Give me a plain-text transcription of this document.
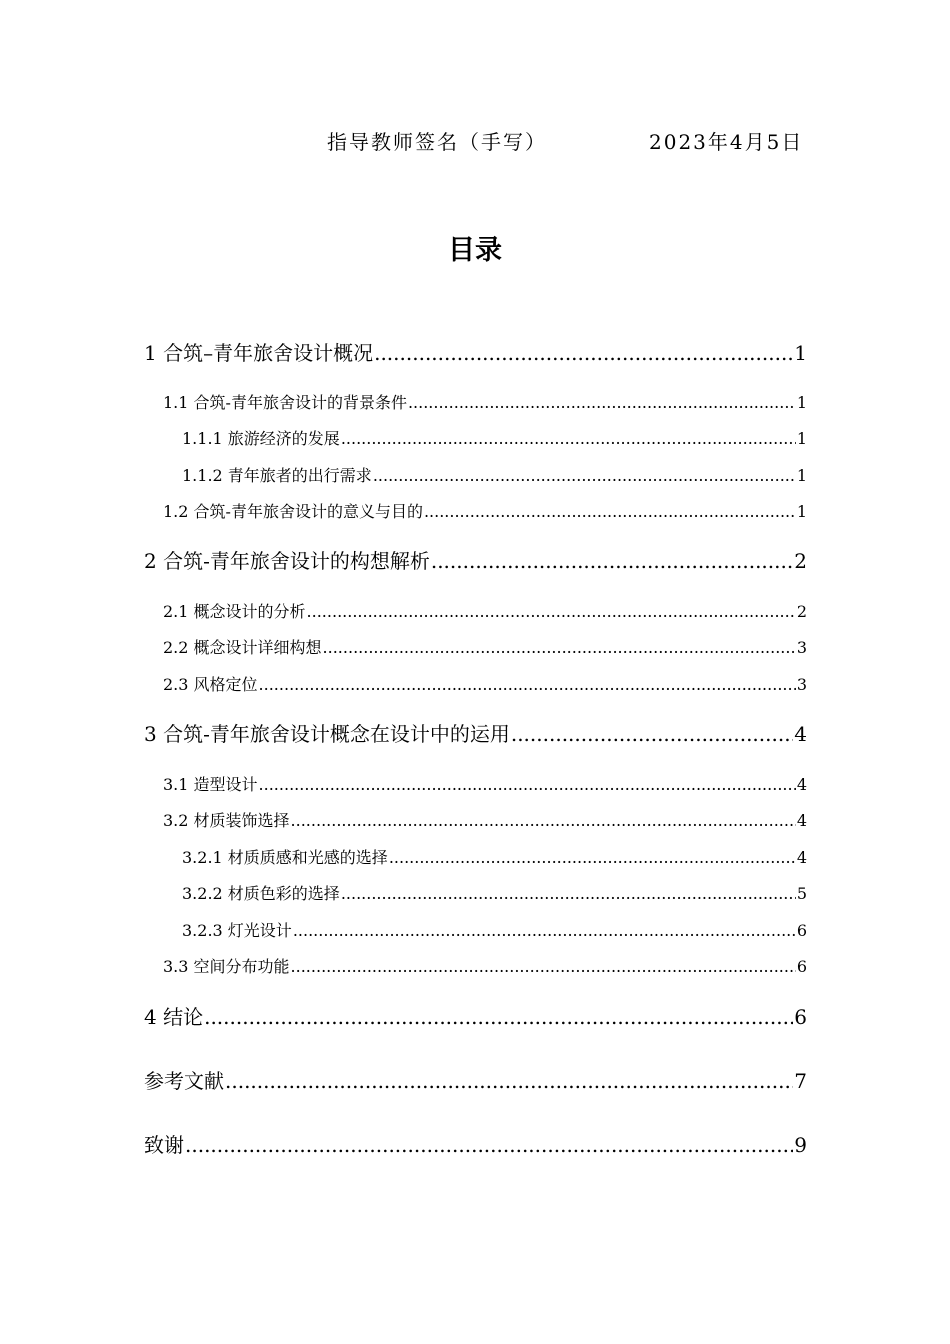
指导教师签名（手写）	2023年4月5日
目录
1 合筑–青年旅舍设计概况 .....	1
1.1 合筑-青年旅舍设计的背景条件 .....	1
1.1.1 旅游经济的发展 .....	1
1.1.2 青年旅者的出行需求 .....	1
1.2 合筑-青年旅舍设计的意义与目的 .....	1
2 合筑-青年旅舍设计的构想解析 .....	2
2.1 概念设计的分析 .....	2
2.2 概念设计详细构想 .....	3
2.3 风格定位 .....	3
3 合筑-青年旅舍设计概念在设计中的运用 .....	4
3.1 造型设计 .....	4
3.2 材质装饰选择 .....	4
3.2.1 材质质感和光感的选择 .....	4
3.2.2 材质色彩的选择 .....	5
3.2.3 灯光设计 .....	6
3.3 空间分布功能 .....	6
4 结论 .....	6
参考文献 .....	7
致谢 .....	9
